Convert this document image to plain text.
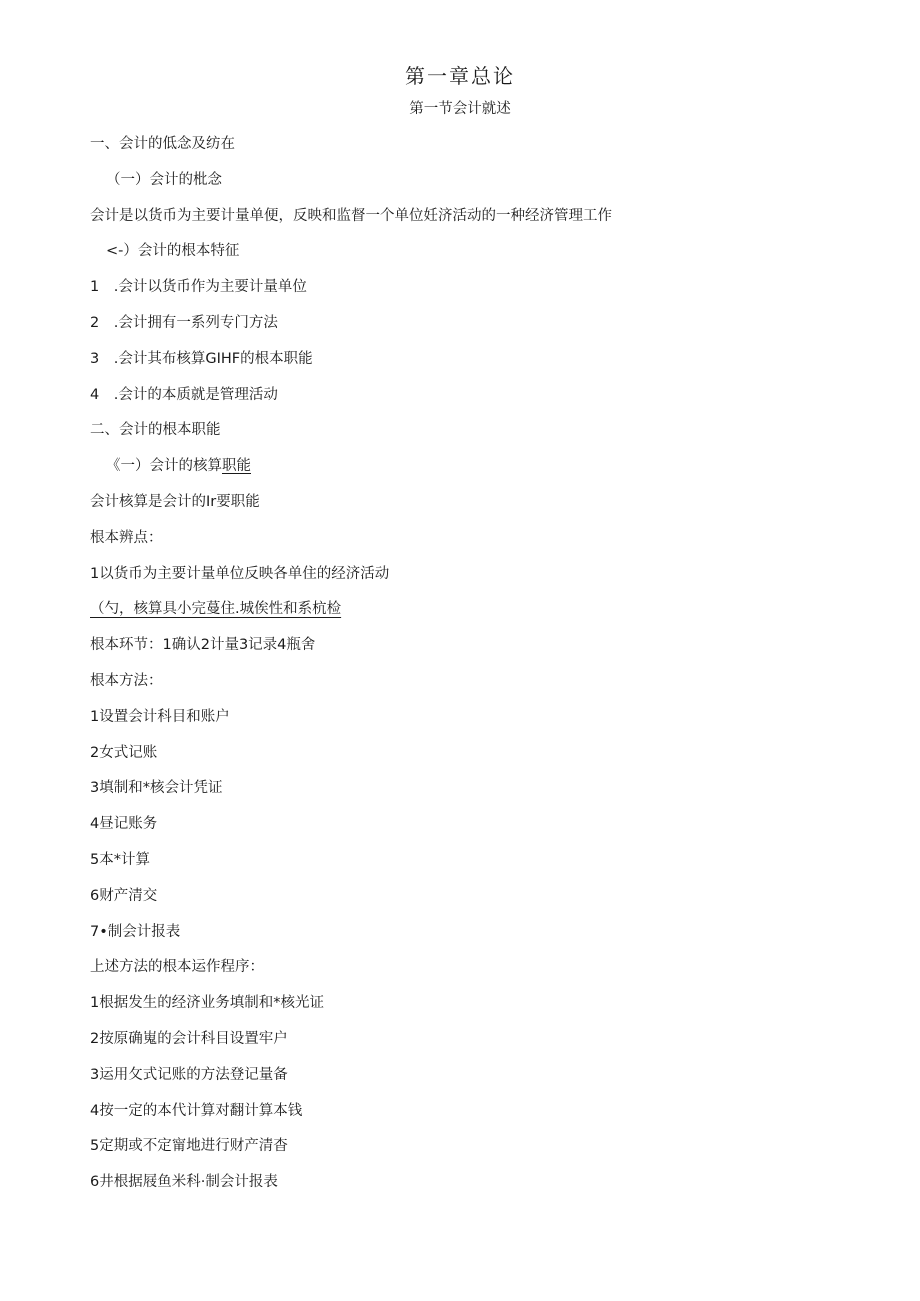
第一章总论
第一节会计就述
一、会计的低念及纺在
（一）会计的枇念
会计是以货币为主要计量单便，反映和监督一个单位妊济活动的一种经济管理工作
<-）会计的根本特征
1　.会计以货币作为主要计量单位
2　.会计拥有一系列专门方法
3　.会计其布核算GIHF的根本职能
4　.会计的本质就是管理活动
二、会计的根本职能
《一）会计的核算职能
会计核算是会计的Ir要职能
根本辨点：
1以货币为主要计量单位反映各单住的经济活动
（勺，核算具小完蔓住.城俟性和系杭检
根本环节：1确认2计量3记录4瓶舍
根本方法：
1设置会计科目和账户
2女式记账
3填制和*核会计凭证
4昼记账务
5本*计算
6财产清交
7•制会计报表
上述方法的根本运作程序：
1根据发生的经济业务填制和*核光证
2按原确嵬的会计科目设置牢户
3运用攵式记账的方法登记量备
4按一定的本代计算对翻计算本钱
5定期或不定甯地进行财产清杳
6井根据屐鱼米科·制会计报表
